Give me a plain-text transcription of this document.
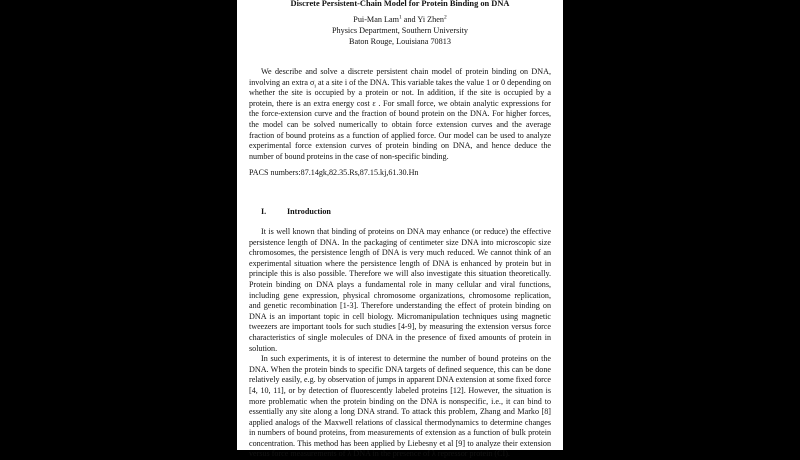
Discrete Persistent-Chain Model for Protein Binding on DNA
Pui-Man Lam$^1$ and Yi Zhen$^2$
Physics Department, Southern University
Baton Rouge, Louisiana 70813
We describe and solve a discrete persistent chain model of protein binding on DNA, involving an extra $\sigma_i$ at a site i of the DNA. This variable takes the value 1 or 0 depending on whether the site is occupied by a protein or not. In addition, if the site is occupied by a protein, there is an extra energy cost ε . For small force, we obtain analytic expressions for the force-extension curve and the fraction of bound protein on the DNA. For higher forces, the model can be solved numerically to obtain force extension curves and the average fraction of bound proteins as a function of applied force. Our model can be used to analyze experimental force extension curves of protein binding on DNA, and hence deduce the number of bound proteins in the case of non-specific binding.
PACS numbers:87.14gk,82.35.Rs,87.15.kj,61.30.Hn
I.	Introduction

It is well known that binding of proteins on DNA may enhance (or reduce) the effective persistence length of DNA. In the packaging of centimeter size DNA into microscopic size chromosomes, the persistence length of DNA is very much reduced. We cannot think of an experimental situation where the persistence length of DNA is enhanced by protein but in principle this is also possible. Therefore we will also investigate this situation theoretically. Protein binding on DNA plays a fundamental role in many cellular and viral functions, including gene expression, physical chromosome organizations, chromosome replication, and genetic recombination [1-3]. Therefore understanding the effect of protein binding on DNA is an important topic in cell biology. Micromanipulation techniques using magnetic tweezers are important tools for such studies [4-9], by measuring the extension versus force characteristics of single molecules of DNA in the presence of fixed amounts of protein in solution.

In such experiments, it is of interest to determine the number of bound proteins on the DNA. When the protein binds to specific DNA targets of defined sequence, this can be done relatively easily, e.g. by observation of jumps in apparent DNA extension at some fixed force [4, 10, 11], or by detection of fluorescently labeled proteins [12]. However, the situation is more problematic when the protein binding on the DNA is nonspecific, i.e., it can bind to essentially any site along a long DNA strand. To attack this problem, Zhang and Marko [8] applied analogs of the Maxwell relations of classical thermodynamics to determine changes in numbers of bound proteins, from measurements of extension as a function of bulk protein concentration. This method has been applied by Liebesny et al [9] to analyze their extension versus force measurements of λ DNA in the presence of λ repressor protein (CI).
